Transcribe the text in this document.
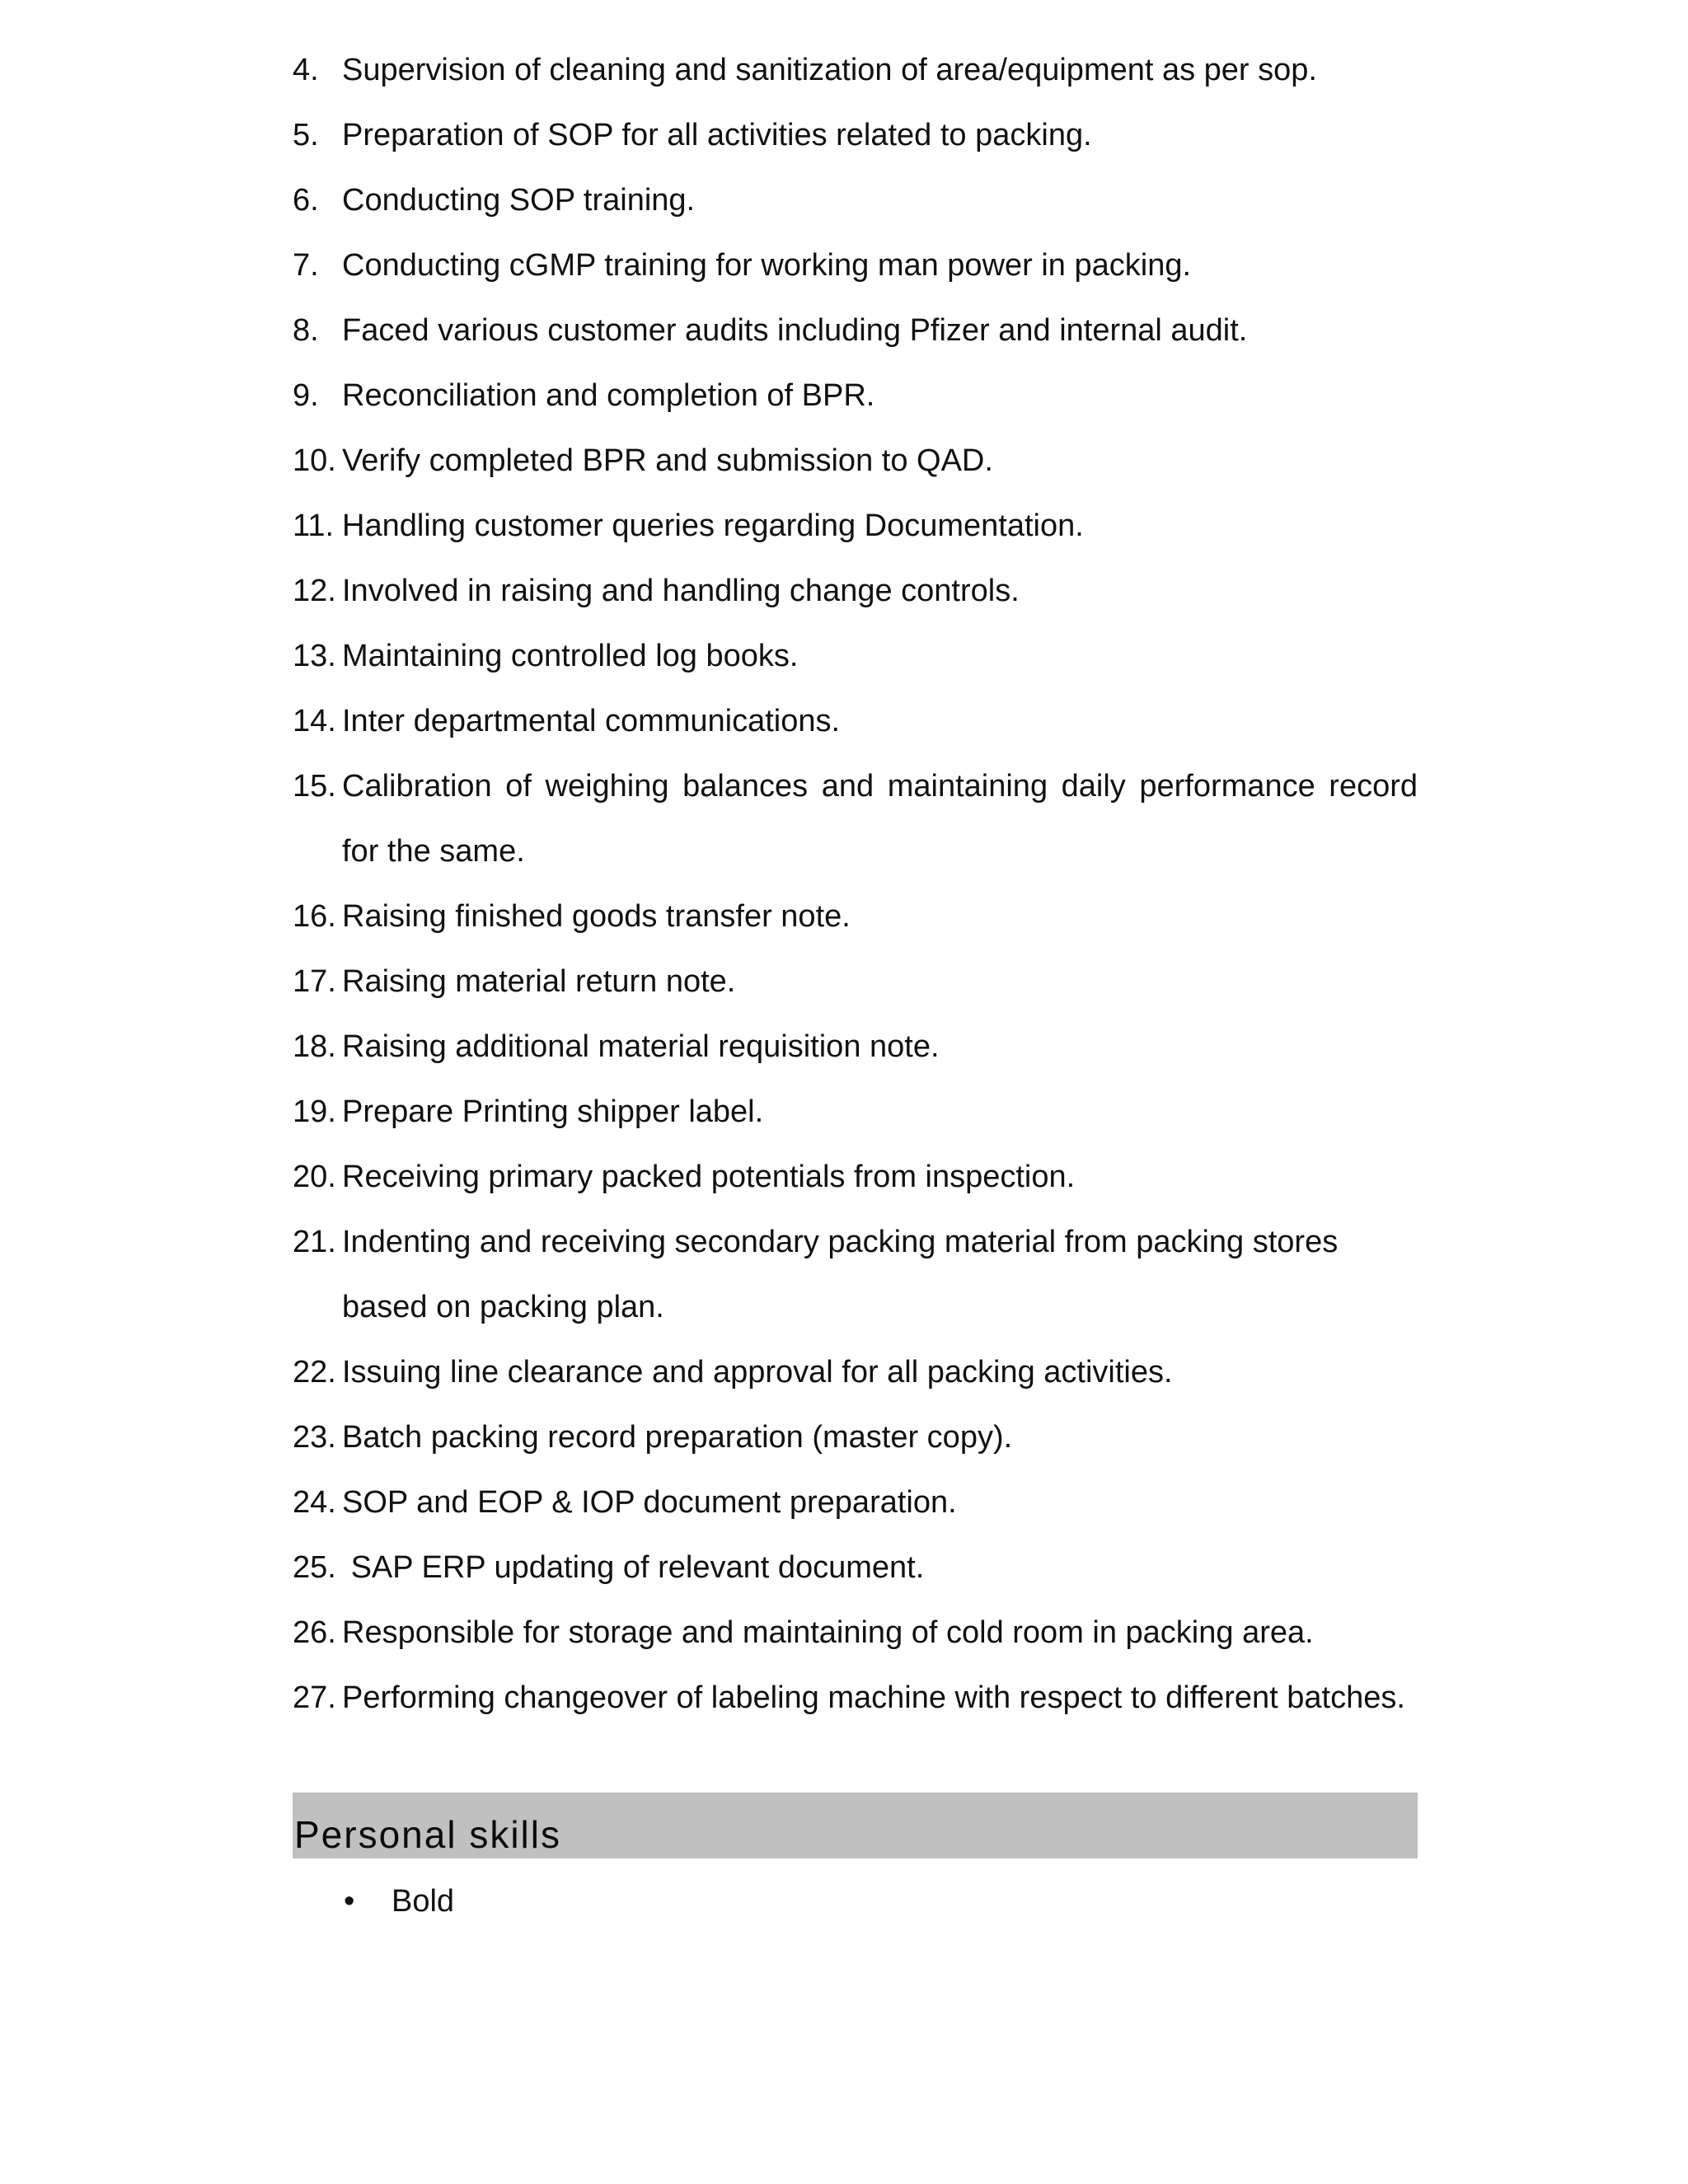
4. Supervision of cleaning and sanitization of area/equipment as per sop.
5. Preparation of SOP for all activities related to packing.
6. Conducting SOP training.
7. Conducting cGMP training for working man power in packing.
8. Faced various customer audits including Pfizer and internal audit.
9. Reconciliation and completion of BPR.
10. Verify completed BPR and submission to QAD.
11. Handling customer queries regarding Documentation.
12. Involved in raising and handling change controls.
13. Maintaining controlled log books.
14. Inter departmental communications.
15. Calibration of weighing balances and maintaining daily performance record for the same.
16. Raising finished goods transfer note.
17. Raising material return note.
18. Raising additional material requisition note.
19. Prepare Printing shipper label.
20. Receiving primary packed potentials from inspection.
21. Indenting and receiving secondary packing material from packing stores based on packing plan.
22. Issuing line clearance and approval for all packing activities.
23. Batch packing record preparation (master copy).
24. SOP and EOP & IOP document preparation.
25. SAP ERP updating of relevant document.
26. Responsible for storage and maintaining of cold room in packing area.
27. Performing changeover of labeling machine with respect to different batches.
Personal skills
• Bold
